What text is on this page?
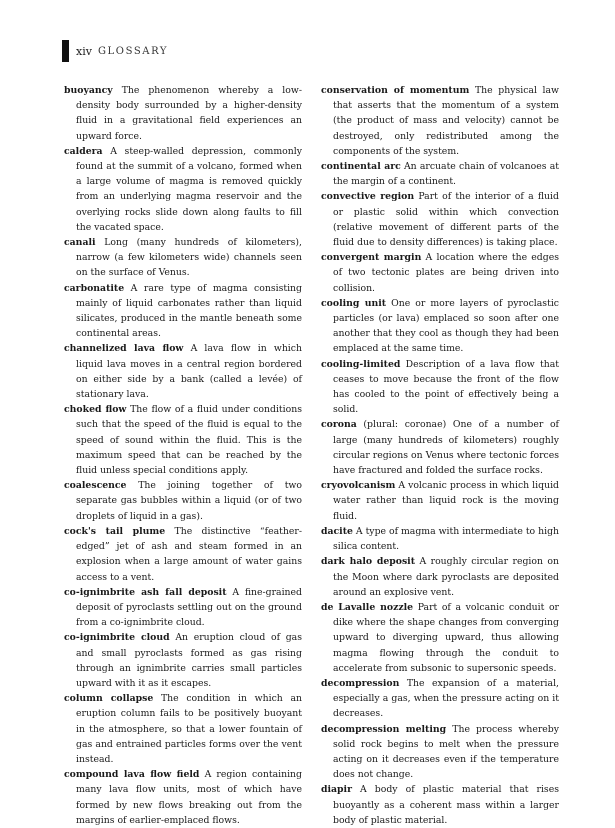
xiv GLOSSARY

buoyancy The phenomenon whereby a low-density body surrounded by a higher-density fluid in a gravitational field experiences an upward force.

caldera A steep-walled depression, commonly found at the summit of a volcano, formed when a large volume of magma is removed quickly from an underlying magma reservoir and the overlying rocks slide down along faults to fill the vacated space.

canali Long (many hundreds of kilometers), narrow (a few kilometers wide) channels seen on the surface of Venus.

carbonatite A rare type of magma consisting mainly of liquid carbonates rather than liquid silicates, produced in the mantle beneath some continental areas.

channelized lava flow A lava flow in which liquid lava moves in a central region bordered on either side by a bank (called a levée) of stationary lava.

choked flow The flow of a fluid under conditions such that the speed of the fluid is equal to the speed of sound within the fluid. This is the maximum speed that can be reached by the fluid unless special conditions apply.

coalescence The joining together of two separate gas bubbles within a liquid (or of two droplets of liquid in a gas).

cock's tail plume The distinctive “feather-edged” jet of ash and steam formed in an explosion when a large amount of water gains access to a vent.

co-ignimbrite ash fall deposit A fine-grained deposit of pyroclasts settling out on the ground from a co-ignimbrite cloud.

co-ignimbrite cloud An eruption cloud of gas and small pyroclasts formed as gas rising through an ignimbrite carries small particles upward with it as it escapes.

column collapse The condition in which an eruption column fails to be positively buoyant in the atmosphere, so that a lower fountain of gas and entrained particles forms over the vent instead.

compound lava flow field A region containing many lava flow units, most of which have formed by new flows breaking out from the margins of earlier-emplaced flows.

conservation of momentum The physical law that asserts that the momentum of a system (the product of mass and velocity) cannot be destroyed, only redistributed among the components of the system.

continental arc An arcuate chain of volcanoes at the margin of a continent.

convective region Part of the interior of a fluid or plastic solid within which convection (relative movement of different parts of the fluid due to density differences) is taking place.

convergent margin A location where the edges of two tectonic plates are being driven into collision.

cooling unit One or more layers of pyroclastic particles (or lava) emplaced so soon after one another that they cool as though they had been emplaced at the same time.

cooling-limited Description of a lava flow that ceases to move because the front of the flow has cooled to the point of effectively being a solid.

corona (plural: coronae) One of a number of large (many hundreds of kilometers) roughly circular regions on Venus where tectonic forces have fractured and folded the surface rocks.

cryovolcanism A volcanic process in which liquid water rather than liquid rock is the moving fluid.

dacite A type of magma with intermediate to high silica content.

dark halo deposit A roughly circular region on the Moon where dark pyroclasts are deposited around an explosive vent.

de Lavalle nozzle Part of a volcanic conduit or dike where the shape changes from converging upward to diverging upward, thus allowing magma flowing through the conduit to accelerate from subsonic to supersonic speeds.

decompression The expansion of a material, especially a gas, when the pressure acting on it decreases.

decompression melting The process whereby solid rock begins to melt when the pressure acting on it decreases even if the temperature does not change.

diapir A body of plastic material that rises buoyantly as a coherent mass within a larger body of plastic material.
